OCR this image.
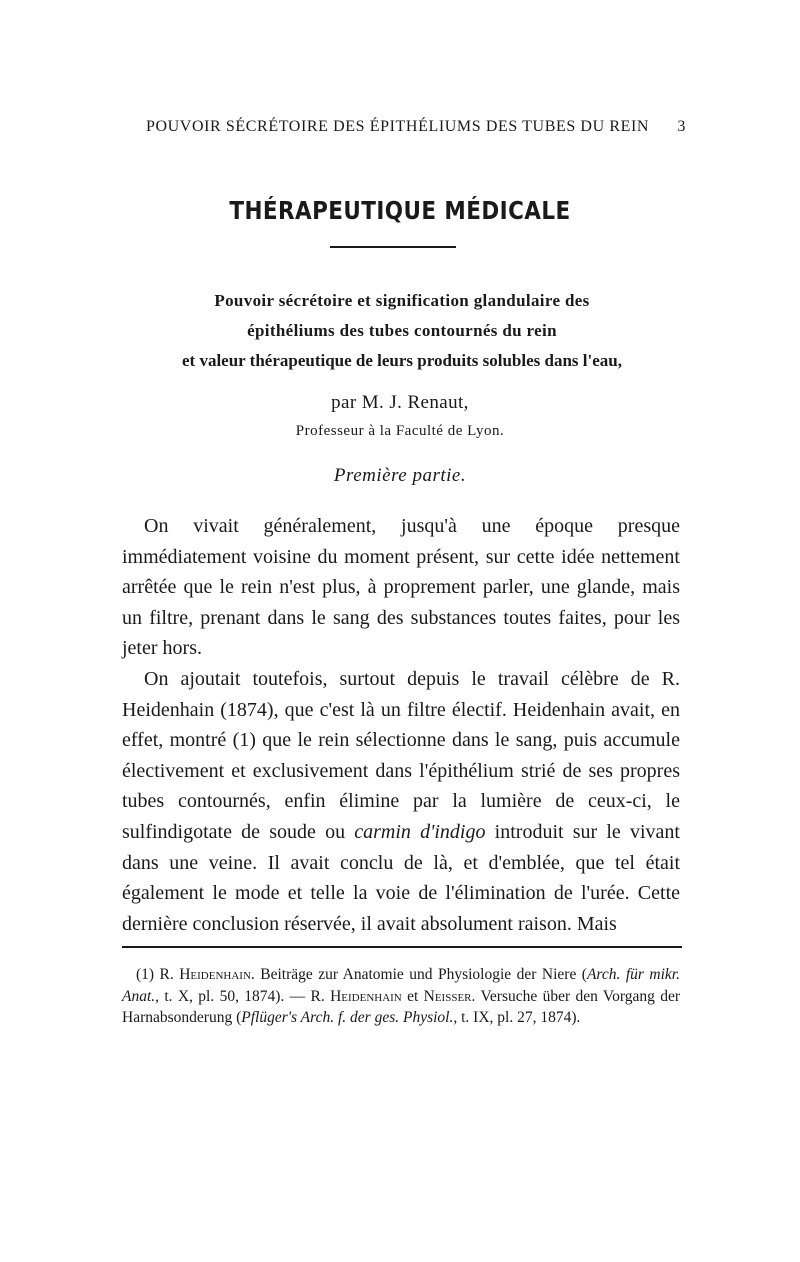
POUVOIR SÉCRÉTOIRE DES ÉPITHÉLIUMS DES TUBES DU REIN 3
THÉRAPEUTIQUE MÉDICALE
Pouvoir sécrétoire et signification glandulaire des
épithéliums des tubes contournés du rein
et valeur thérapeutique de leurs produits solubles dans l'eau,
par M. J. Renaut,
Professeur à la Faculté de Lyon.
Première partie.

On vivait généralement, jusqu'à une époque presque immédiatement voisine du moment présent, sur cette idée nettement arrêtée que le rein n'est plus, à proprement parler, une glande, mais un filtre, prenant dans le sang des substances toutes faites, pour les jeter hors.

On ajoutait toutefois, surtout depuis le travail célèbre de R. Heidenhain (1874), que c'est là un filtre électif. Heidenhain avait, en effet, montré (1) que le rein sélectionne dans le sang, puis accumule électivement et exclusivement dans l'épithélium strié de ses propres tubes contournés, enfin élimine par la lumière de ceux-ci, le sulfindigotate de soude ou carmin d'indigo introduit sur le vivant dans une veine. Il avait conclu de là, et d'emblée, que tel était également le mode et telle la voie de l'élimination de l'urée. Cette dernière conclusion réservée, il avait absolument raison. Mais

(1) R. Heidenhain. Beiträge zur Anatomie und Physiologie der Niere (Arch. für mikr. Anat., t. X, pl. 50, 1874). — R. Heidenhain et Neisser. Versuche über den Vorgang der Harnabsonderung (Pflüger's Arch. f. der ges. Physiol., t. IX, pl. 27, 1874).
